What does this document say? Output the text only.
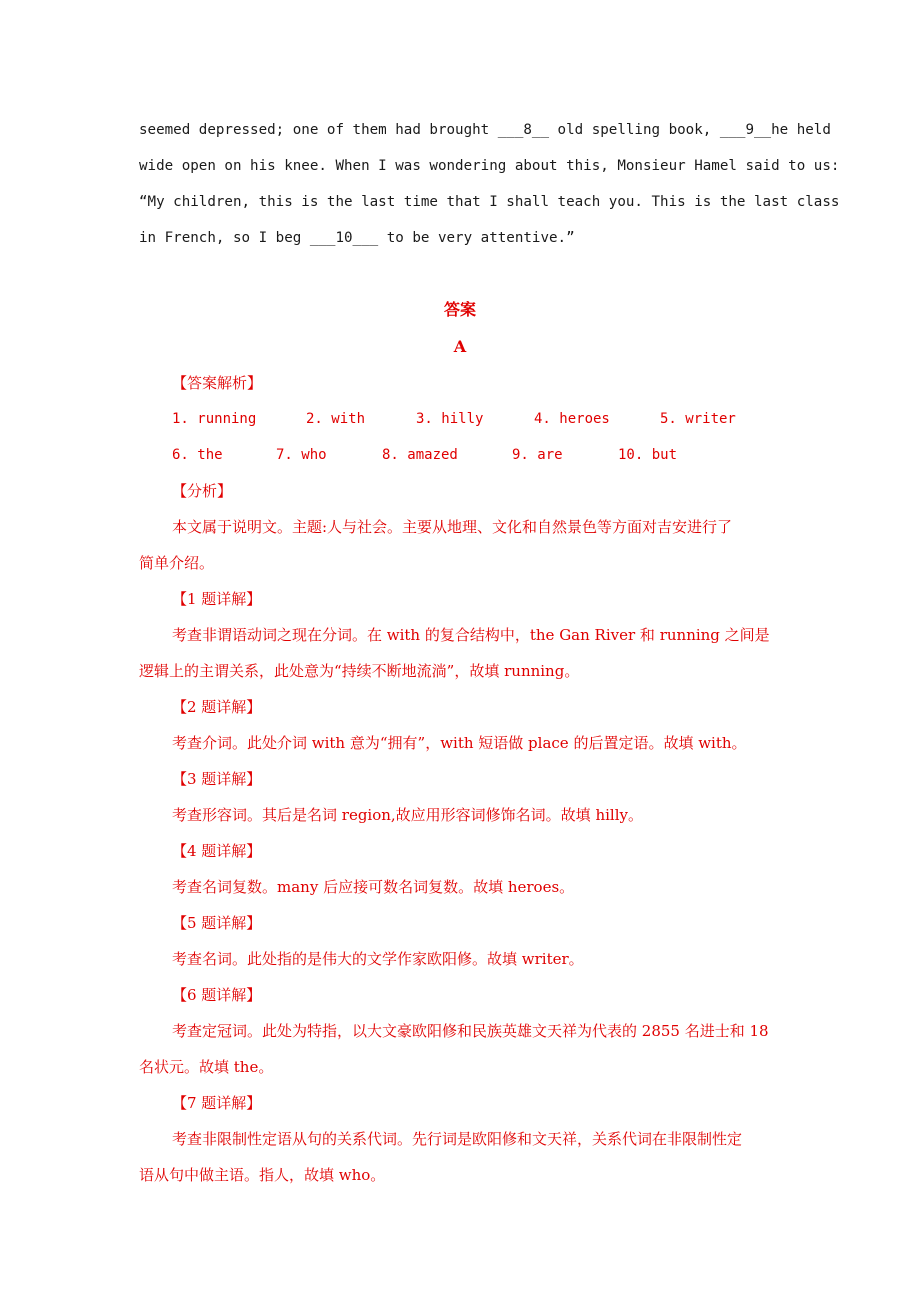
seemed depressed; one of them had brought ___8__ old spelling book, ___9__he held
wide open on his knee. When I was wondering about this, Monsieur Hamel said to us:
“My children, this is the last time that I shall teach you. This is the last class
in French, so I beg ___10___ to be very attentive.”
答案
A
【答案解析】
1. running	2. with	3. hilly	4. heroes	5. writer
6. the	7. who	8. amazed	9. are	10. but
【分析】
本文属于说明文。主题:人与社会。主要从地理、文化和自然景色等方面对吉安进行了
简单介绍。
【1 题详解】
考查非谓语动词之现在分词。在 with 的复合结构中，the Gan River 和 running 之间是
逻辑上的主谓关系，此处意为“持续不断地流淌”，故填 running。
【2 题详解】
考查介词。此处介词 with 意为“拥有”，with 短语做 place 的后置定语。故填 with。
【3 题详解】
考查形容词。其后是名词 region,故应用形容词修饰名词。故填 hilly。
【4 题详解】
考查名词复数。many 后应接可数名词复数。故填 heroes。
【5 题详解】
考查名词。此处指的是伟大的文学作家欧阳修。故填 writer。
【6 题详解】
考查定冠词。此处为特指，以大文豪欧阳修和民族英雄文天祥为代表的 2855 名进士和 18
名状元。故填 the。
【7 题详解】
考查非限制性定语从句的关系代词。先行词是欧阳修和文天祥，关系代词在非限制性定
语从句中做主语。指人，故填 who。
